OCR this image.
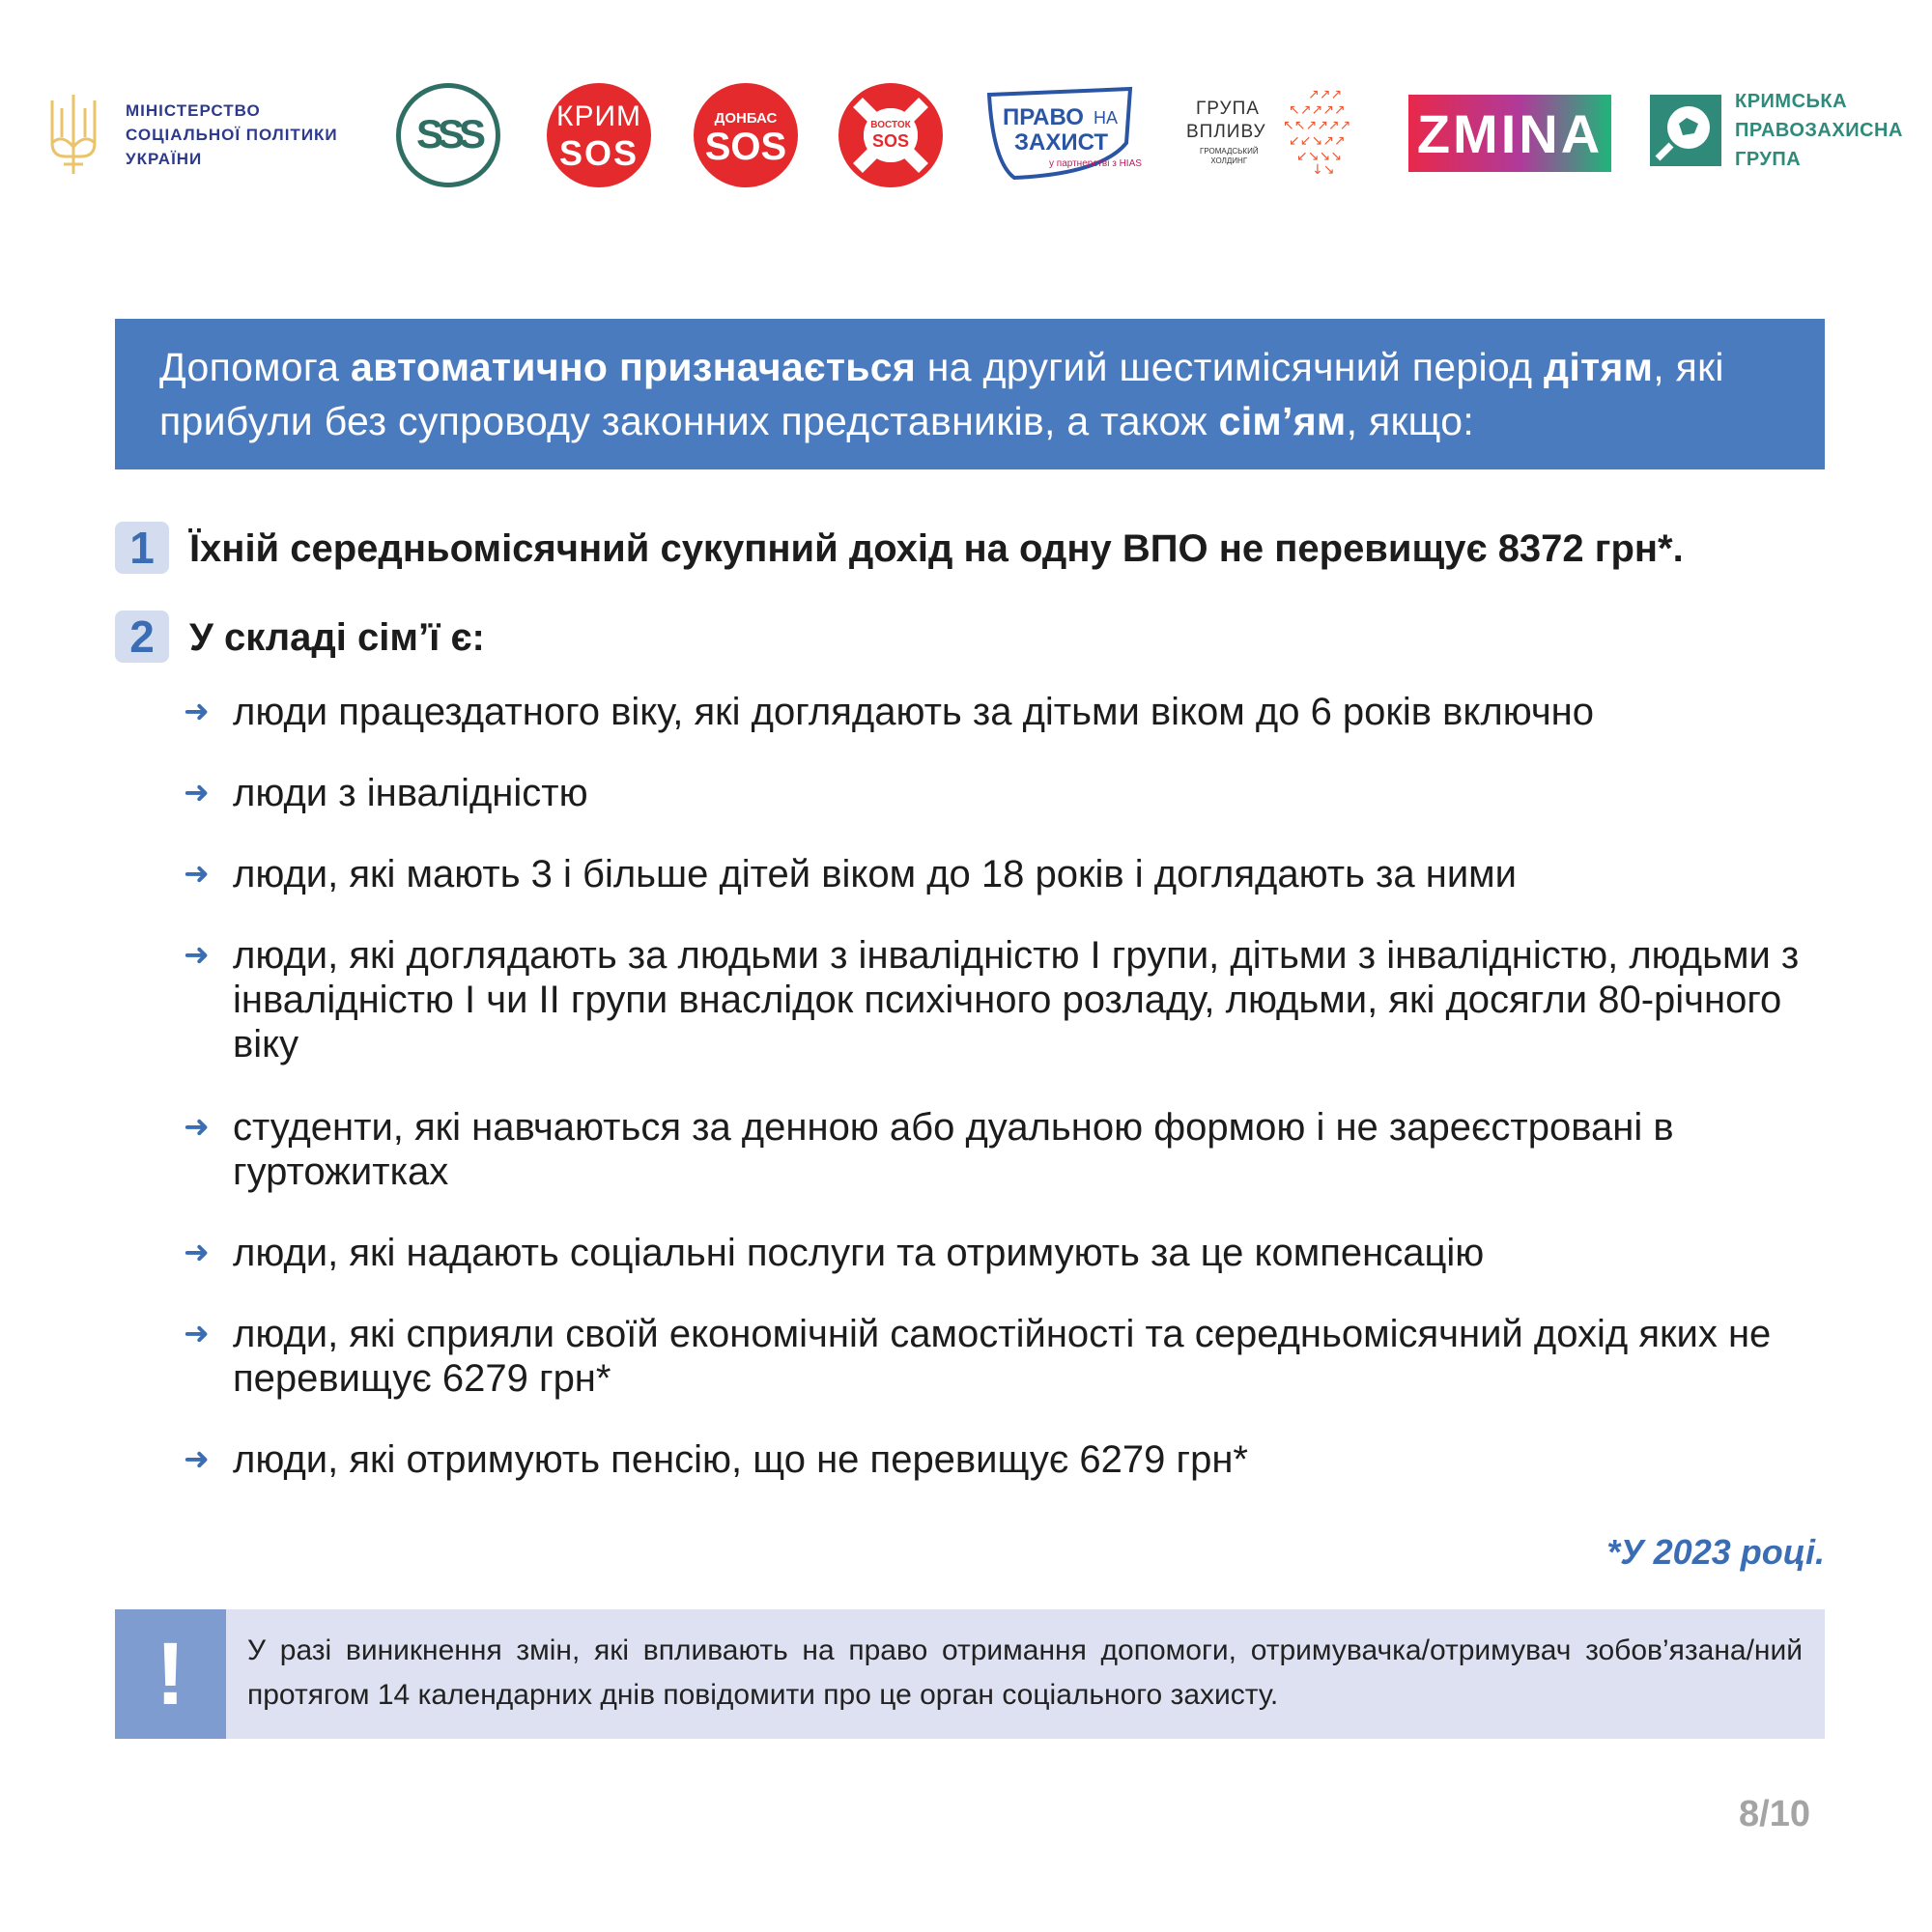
МІНІСТЕРСТВО
СОЦІАЛЬНОЇ ПОЛІТИКИ
УКРАЇНИ
SSS	КРИМ
SOS
ДОНБАС
SOS
ВОСТОК
SOS
ПРАВО НА
ЗАХИСТ
у партнерстві з HIAS
ГРУПА
ВПЛИВУ
ГРОМАДСЬКИЙ
ХОЛДИНГ
↗↗↗
↖↗↗↗↗
↖↖↗↗↗↗
↙↙↘↗↗
↙↘↘↘
↓↘
ZMINA
КРИМСЬКА
ПРАВОЗАХИСНА
ГРУПА

Допомога автоматично призначається на другий шестимісячний період дітям, які прибули без супроводу законних представників, а також сім’ям, якщо:

1 Їхній середньомісячний сукупний дохід на одну ВПО не перевищує 8372 грн*.
2 У складі сім’ї є:
➜ люди працездатного віку, які доглядають за дітьми віком до 6 років включно
➜ люди з інвалідністю
➜ люди, які мають 3 і більше дітей віком до 18 років і доглядають за ними
➜ люди, які доглядають за людьми з інвалідністю I групи, дітьми з інвалідністю, людьми з інвалідністю I чи II групи внаслідок психічного розладу, людьми, які досягли 80-річного віку
➜ студенти, які навчаються за денною або дуальною формою і не зареєстровані в гуртожитках
➜ люди, які надають соціальні послуги та отримують за це компенсацію
➜ люди, які сприяли своїй економічній самостійності та середньомісячний дохід яких не перевищує 6279 грн*
➜ люди, які отримують пенсію, що не перевищує 6279 грн*
*У 2023 році.
!	У разі виникнення змін, які впливають на право отримання допомоги, отримувачка/отримувач зобов’язана/ний протягом 14 календарних днів повідомити про це орган соціального захисту.
8/10
